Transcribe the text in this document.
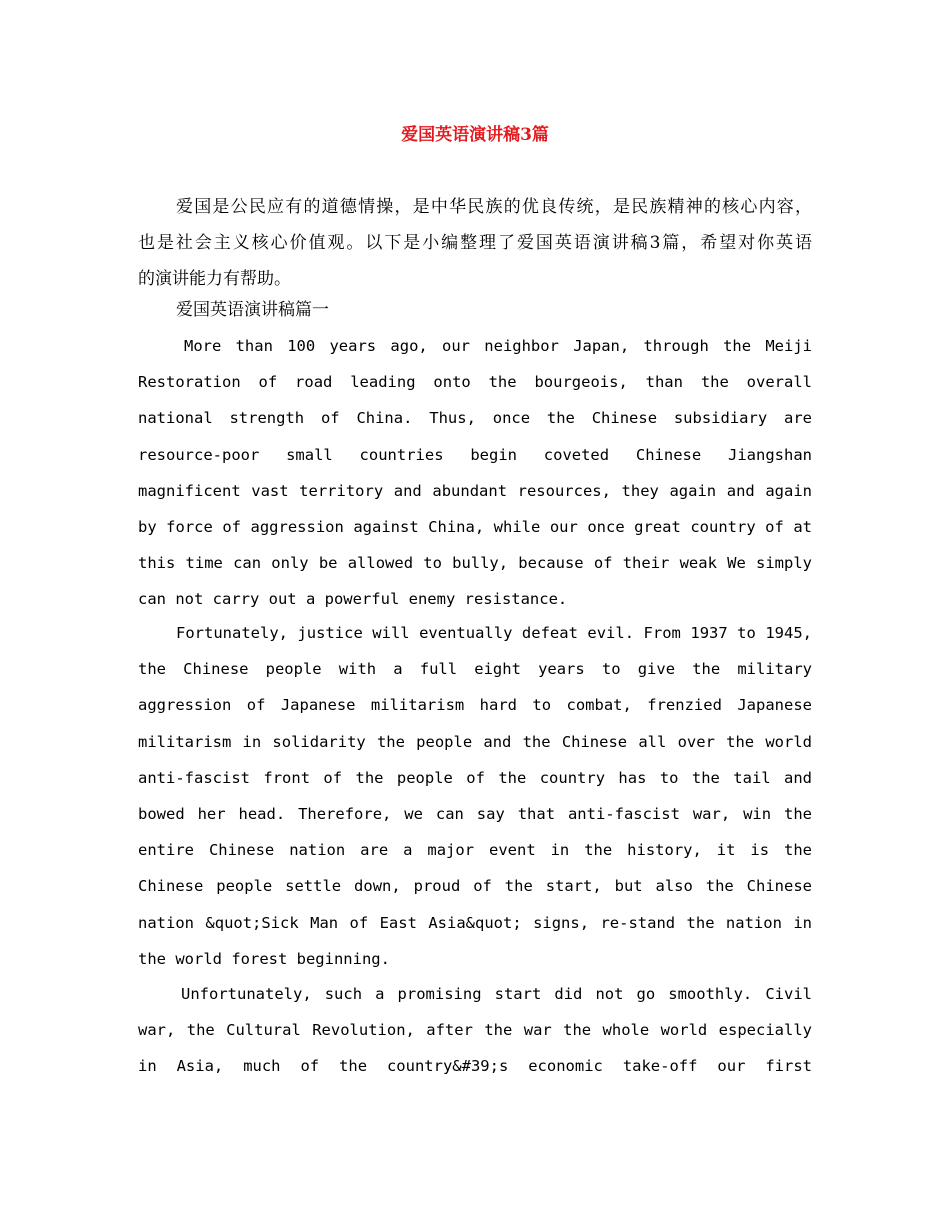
爱国英语演讲稿3篇
爱国是公民应有的道德情操，是中华民族的优良传统，是民族精神的核心内容，
也是社会主义核心价值观。以下是小编整理了爱国英语演讲稿3篇，希望对你英语
的演讲能力有帮助。
爱国英语演讲稿篇一
More than 100 years ago, our neighbor Japan, through the Meiji
Restoration of road leading onto the bourgeois, than the overall
national strength of China. Thus, once the Chinese subsidiary are
resource-poor small countries begin coveted Chinese Jiangshan
magnificent vast territory and abundant resources, they again and again
by force of aggression against China, while our once great country of at
this time can only be allowed to bully, because of their weak We simply
can not carry out a powerful enemy resistance.
Fortunately, justice will eventually defeat evil. From 1937 to 1945,
the Chinese people with a full eight years to give the military
aggression of Japanese militarism hard to combat, frenzied Japanese
militarism in solidarity the people and the Chinese all over the world
anti-fascist front of the people of the country has to the tail and
bowed her head. Therefore, we can say that anti-fascist war, win the
entire Chinese nation are a major event in the history, it is the
Chinese people settle down, proud of the start, but also the Chinese
nation &quot;Sick Man of East Asia&quot; signs, re-stand the nation in
the world forest beginning.
Unfortunately, such a promising start did not go smoothly. Civil
war, the Cultural Revolution, after the war the whole world especially
in Asia, much of the country&#39;s economic take-off our first
